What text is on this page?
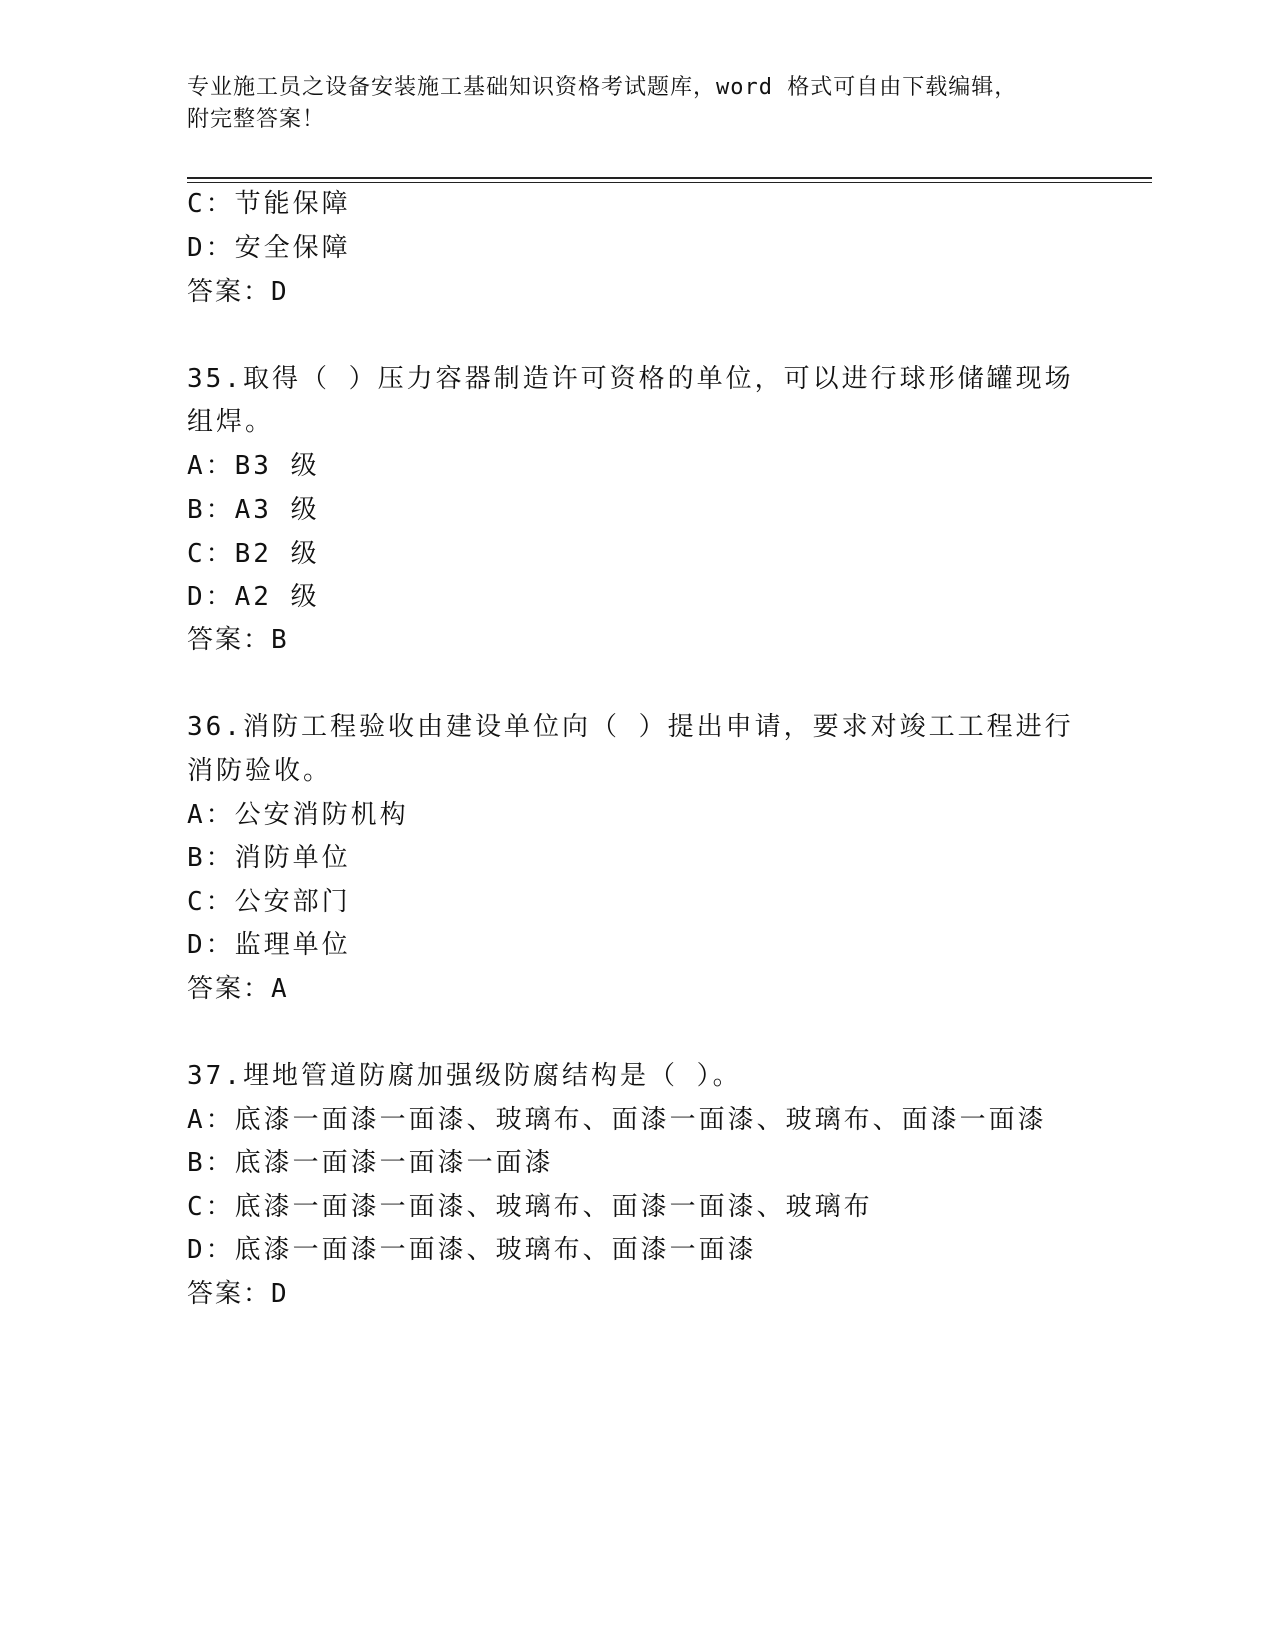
专业施工员之设备安装施工基础知识资格考试题库，word 格式可自由下载编辑，
附完整答案！
C：节能保障
D：安全保障
答案：D
35.取得（ ）压力容器制造许可资格的单位，可以进行球形储罐现场
组焊。
A：B3 级
B：A3 级
C：B2 级
D：A2 级
答案：B
36.消防工程验收由建设单位向（ ）提出申请，要求对竣工工程进行
消防验收。
A：公安消防机构
B：消防单位
C：公安部门
D：监理单位
答案：A
37.埋地管道防腐加强级防腐结构是（ ）。
A：底漆一面漆一面漆、玻璃布、面漆一面漆、玻璃布、面漆一面漆
B：底漆一面漆一面漆一面漆
C：底漆一面漆一面漆、玻璃布、面漆一面漆、玻璃布
D：底漆一面漆一面漆、玻璃布、面漆一面漆
答案：D
